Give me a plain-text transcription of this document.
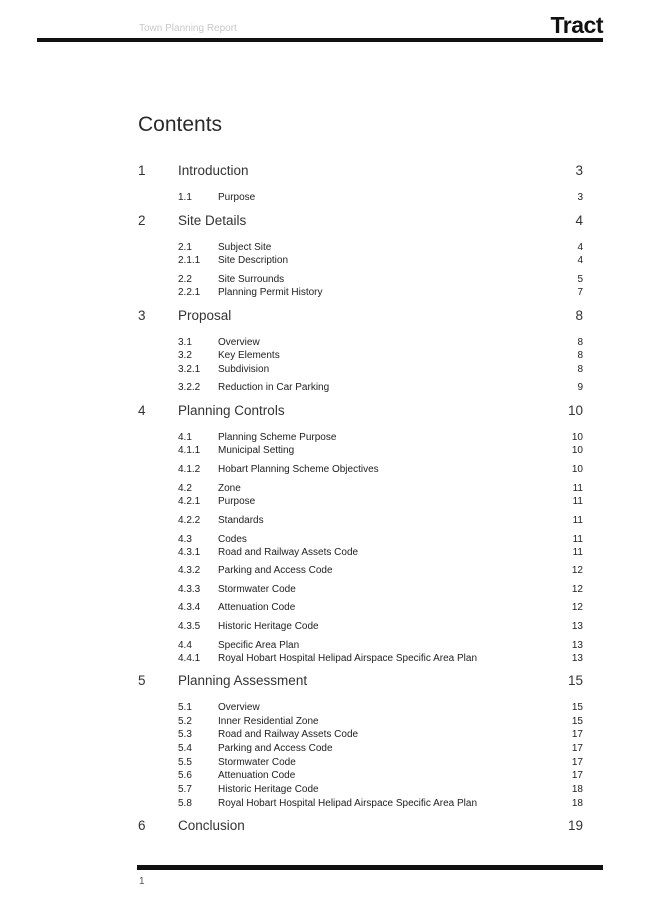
Town Planning Report	Tract
Contents
1 Introduction	3
1.1	Purpose	3
2 Site Details	4
2.1	Subject Site	4
2.1.1 Site Description	4
2.2	Site Surrounds	5
2.2.1 Planning Permit History	7
3 Proposal	8
3.1	Overview	8
3.2	Key Elements	8
3.2.1 Subdivision	8
3.2.2 Reduction in Car Parking	9
4 Planning Controls	10
4.1	Planning Scheme Purpose	10
4.1.1 Municipal Setting	10
4.1.2 Hobart Planning Scheme Objectives	10
4.2	Zone	11
4.2.1 Purpose	11
4.2.2 Standards	11
4.3	Codes	11
4.3.1 Road and Railway Assets Code	11
4.3.2 Parking and Access Code	12
4.3.3 Stormwater Code	12
4.3.4 Attenuation Code	12
4.3.5 Historic Heritage Code	13
4.4	Specific Area Plan	13
4.4.1 Royal Hobart Hospital Helipad Airspace Specific Area Plan	13
5 Planning Assessment	15
5.1	Overview	15
5.2	Inner Residential Zone	15
5.3	Road and Railway Assets Code	17
5.4	Parking and Access Code	17
5.5	Stormwater Code	17
5.6	Attenuation Code	17
5.7	Historic Heritage Code	18
5.8	Royal Hobart Hospital Helipad Airspace Specific Area Plan	18
6 Conclusion	19
1
